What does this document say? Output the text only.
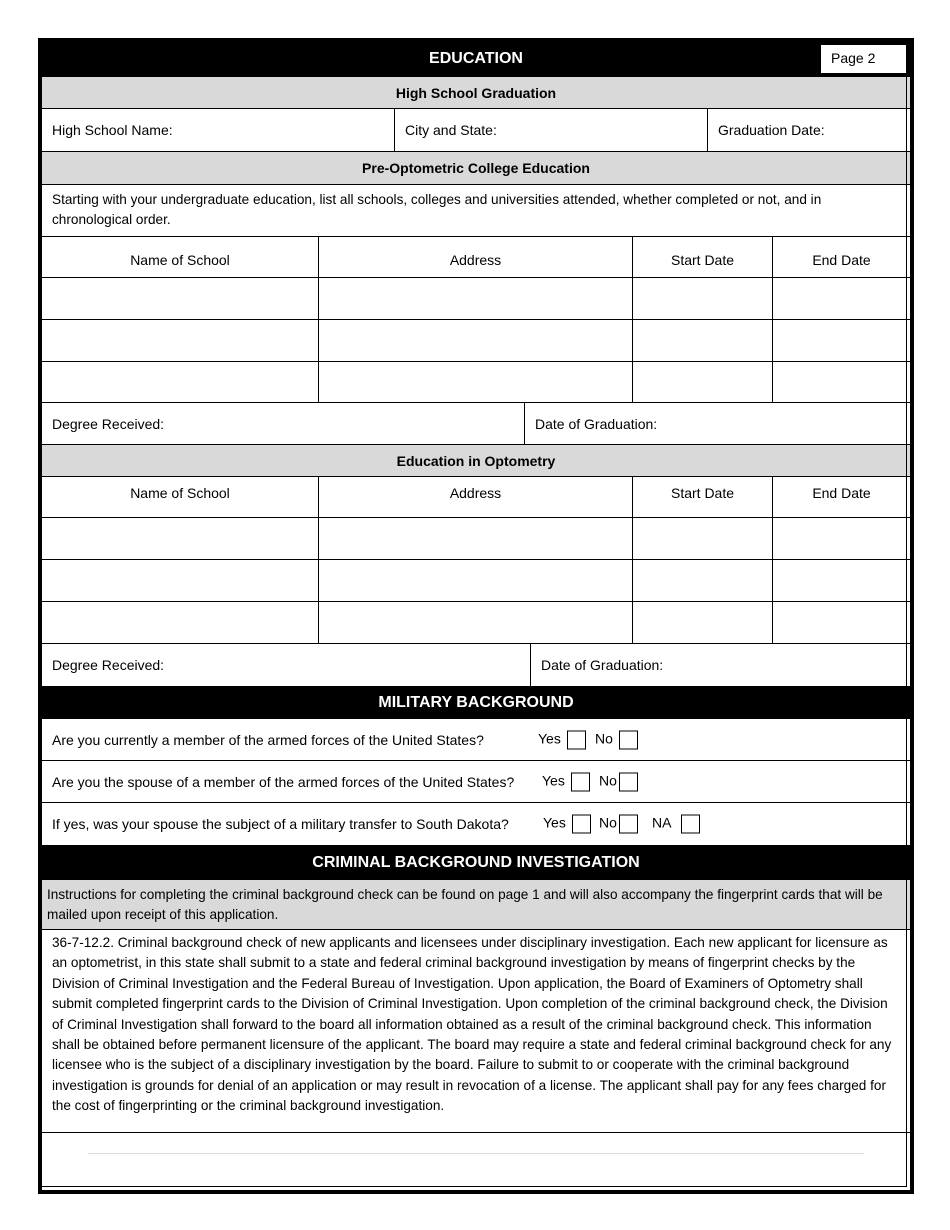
EDUCATION	Page 2
High School Graduation
High School Name:	City and State:	Graduation Date:
Pre-Optometric College Education
Starting with your undergraduate education, list all schools, colleges and universities attended, whether completed or not, and in chronological order.
Name of School	Address	Start Date	End Date
Degree Received:	Date of Graduation:
Education in Optometry
Name of School	Address	Start Date	End Date
Degree Received:	Date of Graduation:
MILITARY BACKGROUND
Are you currently a member of the armed forces of the United States?	Yes	No
Are you the spouse of a member of the armed forces of the United States? Yes	No
If yes, was your spouse the subject of a military transfer to South Dakota? Yes	No	NA
CRIMINAL BACKGROUND INVESTIGATION
Instructions for completing the criminal background check can be found on page 1 and will also accompany the fingerprint cards that will be mailed upon receipt of this application.
36-7-12.2. Criminal background check of new applicants and licensees under disciplinary investigation. Each new applicant for licensure as an optometrist, in this state shall submit to a state and federal criminal background investigation by means of fingerprint checks by the Division of Criminal Investigation and the Federal Bureau of Investigation. Upon application, the Board of Examiners of Optometry shall submit completed fingerprint cards to the Division of Criminal Investigation. Upon completion of the criminal background check, the Division of Criminal Investigation shall forward to the board all information obtained as a result of the criminal background check. This information shall be obtained before permanent licensure of the applicant. The board may require a state and federal criminal background check for any licensee who is the subject of a disciplinary investigation by the board. Failure to submit to or cooperate with the criminal background investigation is grounds for denial of an application or may result in revocation of a license. The applicant shall pay for any fees charged for the cost of fingerprinting or the criminal background investigation.
